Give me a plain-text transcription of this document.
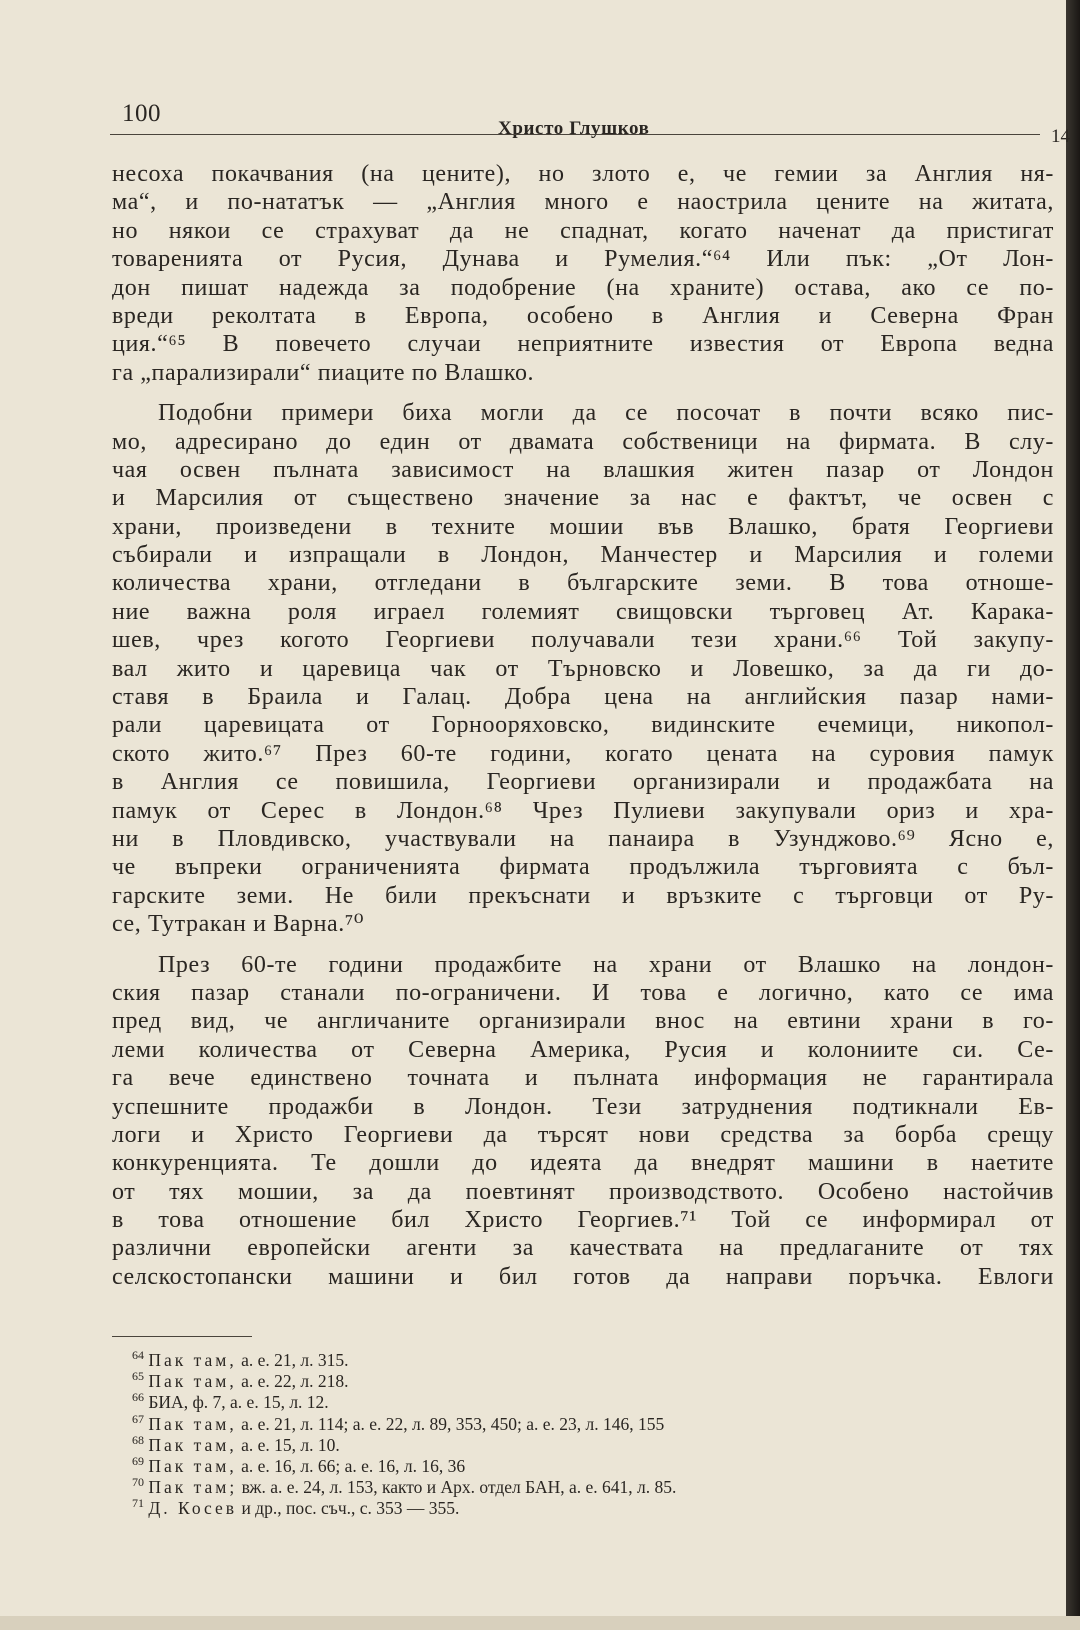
100
Христо Глушков	14
несоха покачвания (на цените), но злото е, че гемии за Англия ня-
ма“, и по-нататък — „Англия много е наострила цените на житата,
но някои се страхуват да не спаднат, когато начeнат да пристигат
товаренията от Русия, Дунава и Румелия.“⁶⁴ Или пък: „От Лон-
дон пишат надежда за подобрение (на храните) остава, ако се по-
вреди реколтата в Европа, особено в Англия и Северна Фран
ция.“⁶⁵ В повечето случаи неприятните известия от Европа ведна
га „парализирали“ пиаците по Влашко.
Подобни примери биха могли да се посочат в почти всяко пис-
мо, адресирано до един от двамата собственици на фирмата. В слу-
чая освен пълната зависимост на влашкия житен пазар от Лондон
и Марсилия от съществено значение за нас е фактът, че освен с
храни, произведени в техните мошии във Влашко, братя Георгиеви
събирали и изпращали в Лондон, Манчестер и Марсилия и големи
количества храни, отгледани в българските земи. В това отноше-
ние важна роля играел големият свищовски търговец Ат. Карака-
шев, чрез когото Георгиеви получавали тези храни.⁶⁶ Той закупу-
вал жито и царевица чак от Търновско и Ловешко, за да ги до-
ставя в Браила и Галац. Добра цена на английския пазар нами-
рали царевицата от Горнооряховско, видинските ечемици, никопол-
ското жито.⁶⁷ През 60-те години, когато цената на суровия памук
в Англия се повишила, Георгиеви организирали и продажбата на
памук от Серес в Лондон.⁶⁸ Чрез Пулиеви закупували ориз и хра-
ни в Пловдивско, участвували на панаира в Узунджово.⁶⁹ Ясно е,
че въпреки ограниченията фирмата продължила търговията с бъл-
гарските земи. Не били прекъснати и връзките с търговци от Ру-
се, Тутракан и Варна.⁷⁰
През 60-те години продажбите на храни от Влашко на лондон-
ския пазар станали по-ограничени. И това е логично, като се има
пред вид, че англичаните организирали внос на евтини храни в го-
леми количества от Северна Америка, Русия и колониите си. Се-
га вече единствено точната и пълната информация не гарантирала
успешните продажби в Лондон. Тези затруднения подтикнали Ев-
логи и Христо Георгиеви да търсят нови средства за борба срещу
конкуренцията. Те дошли до идеята да внедрят машини в наетите
от тях мошии, за да поевтинят производството. Особено настойчив
в това отношение бил Христо Георгиев.⁷¹ Той се информирал от
различни европейски агенти за качествата на предлаганите от тях
селскостопански машини и бил готов да направи поръчка. Евлоги
$^{64}$ Пак там, а. е. 21, л. 315.
$^{65}$ Пак там, а. е. 22, л. 218.
$^{66}$ БИА, ф. 7, а. е. 15, л. 12.
$^{67}$ Пак там, а. е. 21, л. 114; а. е. 22, л. 89, 353, 450; а. е. 23, л. 146, 155
$^{68}$ Пак там, а. е. 15, л. 10.
$^{69}$ Пак там, а. е. 16, л. 66; а. е. 16, л. 16, 36
$^{70}$ Пак там; вж. а. е. 24, л. 153, както и Арх. отдел БАН, а. е. 641, л. 85.
$^{71}$ Д. Косев и др., пос. съч., с. 353 — 355.
